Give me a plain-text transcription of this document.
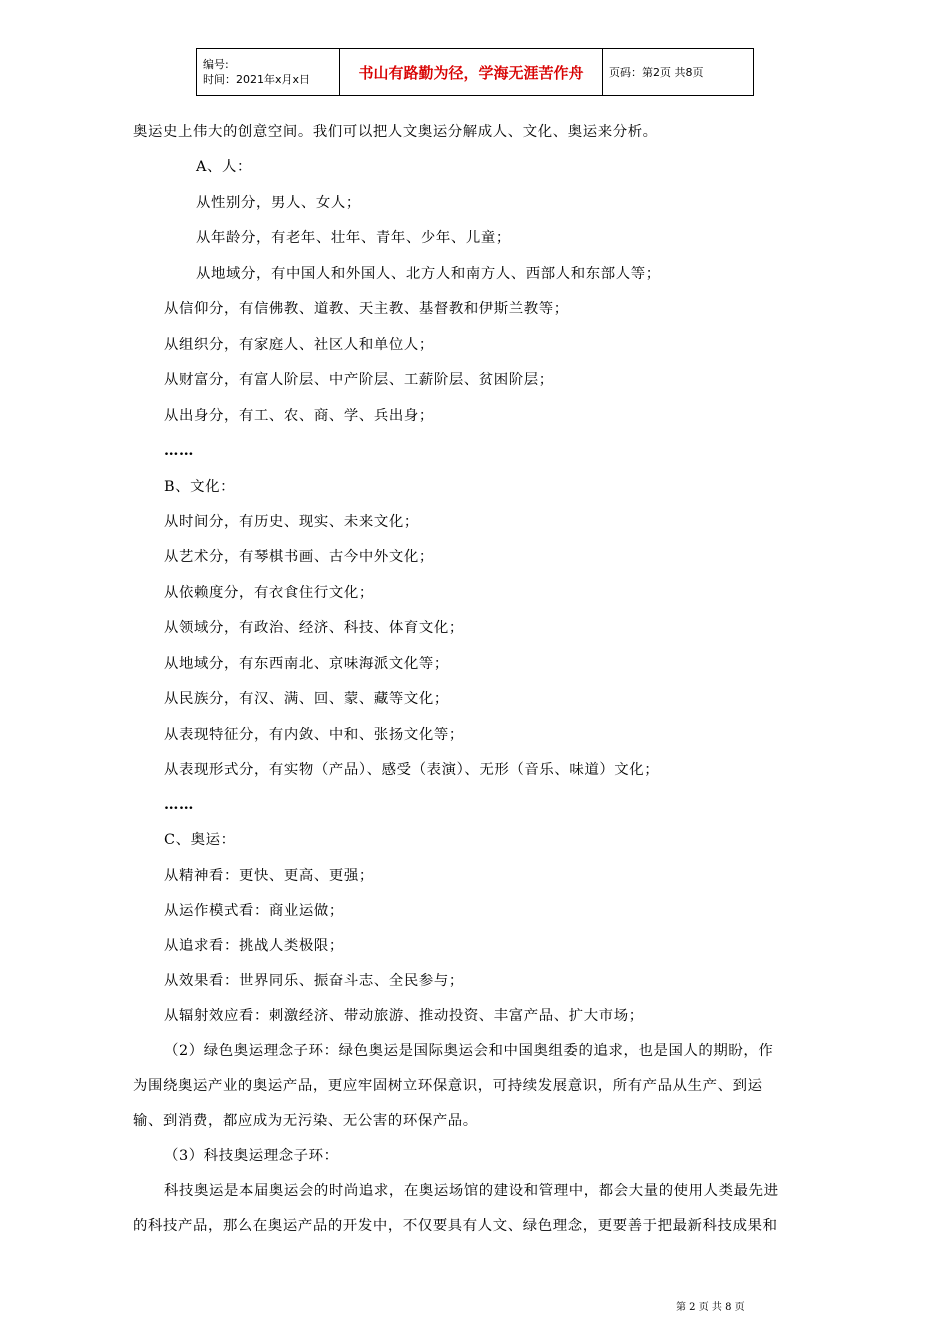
编号:
时间：2021年x月x日	书山有路勤为径，学海无涯苦作舟	页码：第2页 共8页
奥运史上伟大的创意空间。我们可以把人文奥运分解成人、文化、奥运来分析。
A、人：
从性别分，男人、女人；
从年龄分，有老年、壮年、青年、少年、儿童；
从地域分，有中国人和外国人、北方人和南方人、西部人和东部人等；
从信仰分，有信佛教、道教、天主教、基督教和伊斯兰教等；
从组织分，有家庭人、社区人和单位人；
从财富分，有富人阶层、中产阶层、工薪阶层、贫困阶层；
从出身分，有工、农、商、学、兵出身；
……
B、文化：
从时间分，有历史、现实、未来文化；
从艺术分，有琴棋书画、古今中外文化；
从依赖度分，有衣食住行文化；
从领域分，有政治、经济、科技、体育文化；
从地域分，有东西南北、京味海派文化等；
从民族分，有汉、满、回、蒙、藏等文化；
从表现特征分，有内敛、中和、张扬文化等；
从表现形式分，有实物（产品）、感受（表演）、无形（音乐、味道）文化；
……
C、奥运：
从精神看：更快、更高、更强；
从运作模式看：商业运做；
从追求看：挑战人类极限；
从效果看：世界同乐、振奋斗志、全民参与；
从辐射效应看：刺激经济、带动旅游、推动投资、丰富产品、扩大市场；
（2）绿色奥运理念子环：绿色奥运是国际奥运会和中国奥组委的追求，也是国人的期盼，作
为围绕奥运产业的奥运产品，更应牢固树立环保意识，可持续发展意识，所有产品从生产、到运
输、到消费，都应成为无污染、无公害的环保产品。
（3）科技奥运理念子环：
科技奥运是本届奥运会的时尚追求，在奥运场馆的建设和管理中，都会大量的使用人类最先进
的科技产品，那么在奥运产品的开发中，不仅要具有人文、绿色理念，更要善于把最新科技成果和
第 2 页 共 8 页
